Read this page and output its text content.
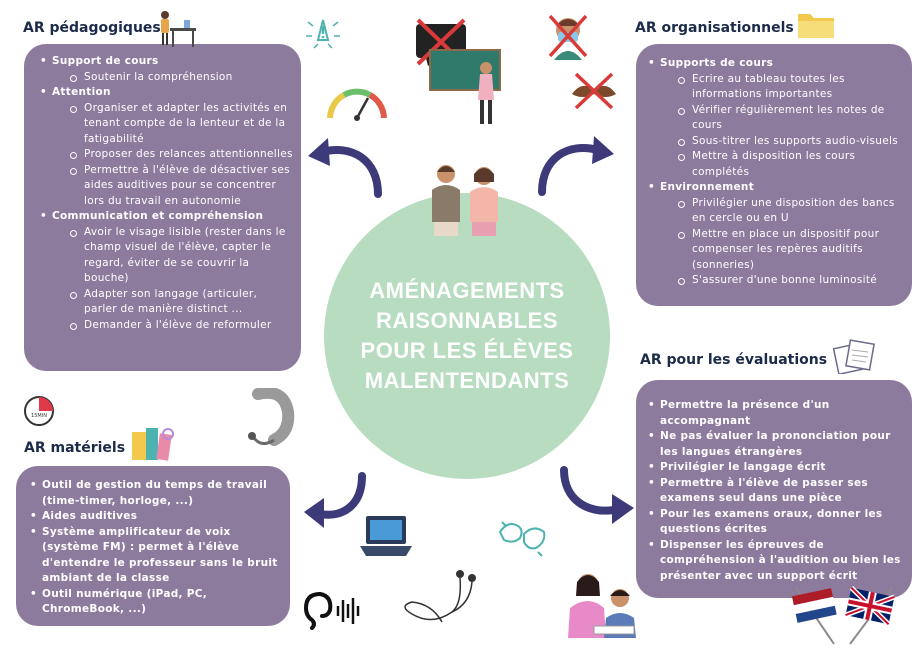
AR pédagogiques	AR organisationnels
AR pour les évaluations
AR matériels
• Support de cours
Soutenir la compréhension
• Attention
Organiser et adapter les activités en tenant compte de la lenteur et de la fatigabilité
Proposer des relances attentionnelles
Permettre à l'élève de désactiver ses aides auditives pour se concentrer lors du travail en autonomie
• Communication et compréhension
Avoir le visage lisible (rester dans le champ visuel de l'élève, capter le regard, éviter de se couvrir la bouche)
Adapter son langage (articuler, parler de manière distinct ...
Demander à l'élève de reformuler
• Supports de cours
Ecrire au tableau toutes les informations importantes
Vérifier régulièrement les notes de cours
Sous-titrer les supports audio-visuels
Mettre à disposition les cours complétés
• Environnement
Privilégier une disposition des bancs en cercle ou en U
Mettre en place un dispositif pour compenser les repères auditifs (sonneries)
S'assurer d'une bonne luminosité
• Permettre la présence d'un accompagnant
• Ne pas évaluer la prononciation pour les langues étrangères
• Privilégier le langage écrit
• Permettre à l'élève de passer ses examens seul dans une pièce
• Pour les examens oraux, donner les questions écrites
• Dispenser les épreuves de compréhension à l'audition ou bien les présenter avec un support écrit
• Outil de gestion du temps de travail (time-timer, horloge, ...)
• Aides auditives
• Système amplificateur de voix (système FM) : permet à l'élève d'entendre le professeur sans le bruit ambiant de la classe
• Outil numérique (iPad, PC, ChromeBook, ...)
AMÉNAGEMENTS RAISONNABLES POUR LES ÉLÈVES MALENTENDANTS
15MIN
